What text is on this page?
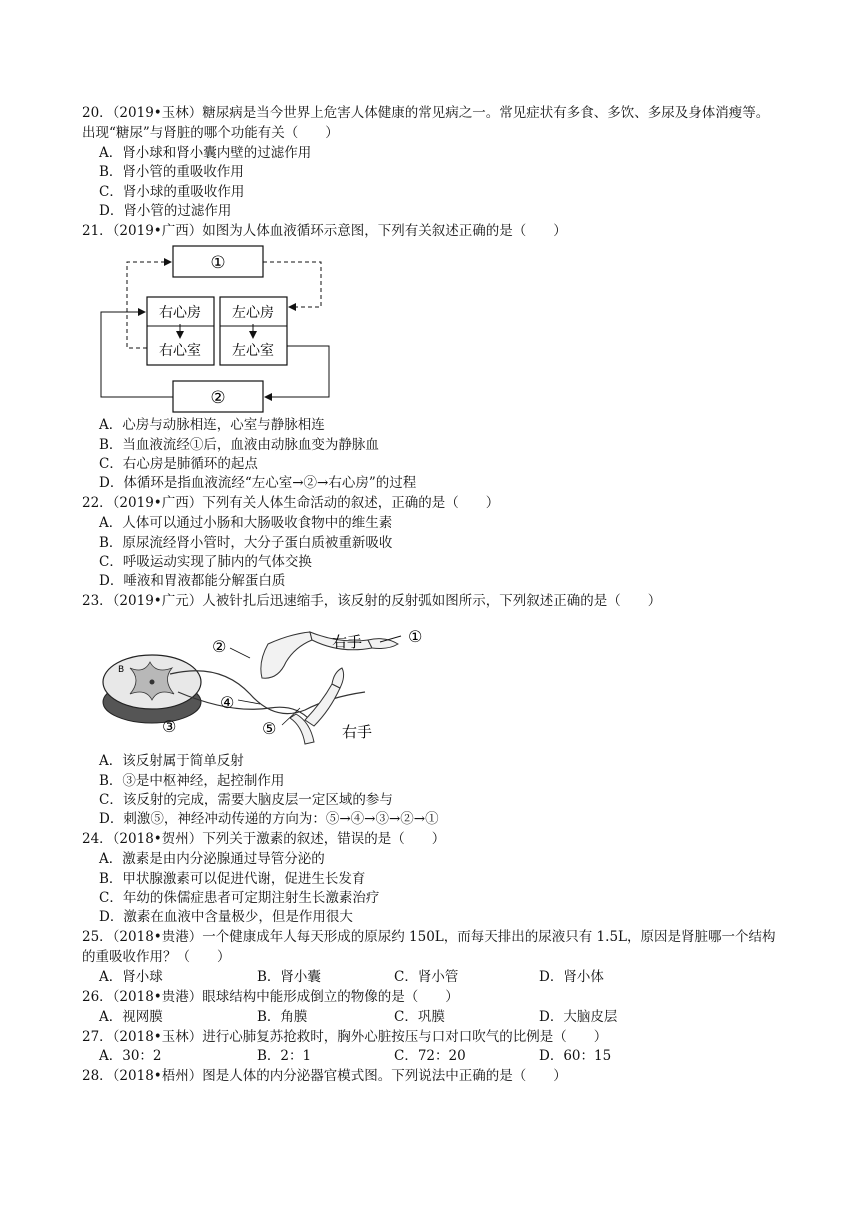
20．（2019•玉林）糖尿病是当今世界上危害人体健康的常见病之一。常见症状有多食、多饮、多尿及身体消瘦等。出现“糖尿”与肾脏的哪个功能有关（　　）
A．肾小球和肾小囊内壁的过滤作用
B．肾小管的重吸收作用
C．肾小球的重吸收作用
D．肾小管的过滤作用
21．（2019•广西）如图为人体血液循环示意图，下列有关叙述正确的是（　　）
①
②
右心房
右心室
左心房
左心室
A．心房与动脉相连，心室与静脉相连
B．当血液流经①后，血液由动脉血变为静脉血
C．右心房是肺循环的起点
D．体循环是指血液流经“左心室→②→右心房”的过程
22．（2019•广西）下列有关人体生命活动的叙述，正确的是（　　）
A．人体可以通过小肠和大肠吸收食物中的维生素
B．原尿流经肾小管时，大分子蛋白质被重新吸收
C．呼吸运动实现了肺内的气体交换
D．唾液和胃液都能分解蛋白质
23．（2019•广元）人被针扎后迅速缩手，该反射的反射弧如图所示，下列叙述正确的是（　　）
B
①
②
③
④
⑤
右手
右手
A．该反射属于简单反射
B．③是中枢神经，起控制作用
C．该反射的完成，需要大脑皮层一定区域的参与
D．刺激⑤，神经冲动传递的方向为：⑤→④→③→②→①
24．（2018•贺州）下列关于激素的叙述，错误的是（　　）
A．激素是由内分泌腺通过导管分泌的
B．甲状腺激素可以促进代谢，促进生长发育
C．年幼的侏儒症患者可定期注射生长激素治疗
D．激素在血液中含量极少，但是作用很大
25．（2018•贵港）一个健康成年人每天形成的原尿约 150L，而每天排出的尿液只有 1.5L，原因是肾脏哪一个结构的重吸收作用？（　　）
A．肾小球	B．肾小囊	C．肾小管	D．肾小体
26．（2018•贵港）眼球结构中能形成倒立的物像的是（　　）
A．视网膜	B．角膜	C．巩膜	D．大脑皮层
27．（2018•玉林）进行心肺复苏抢救时，胸外心脏按压与口对口吹气的比例是（　　）
A．30：2	B．2：1	C．72：20	D．60：15
28．（2018•梧州）图是人体的内分泌器官模式图。下列说法中正确的是（　　）
